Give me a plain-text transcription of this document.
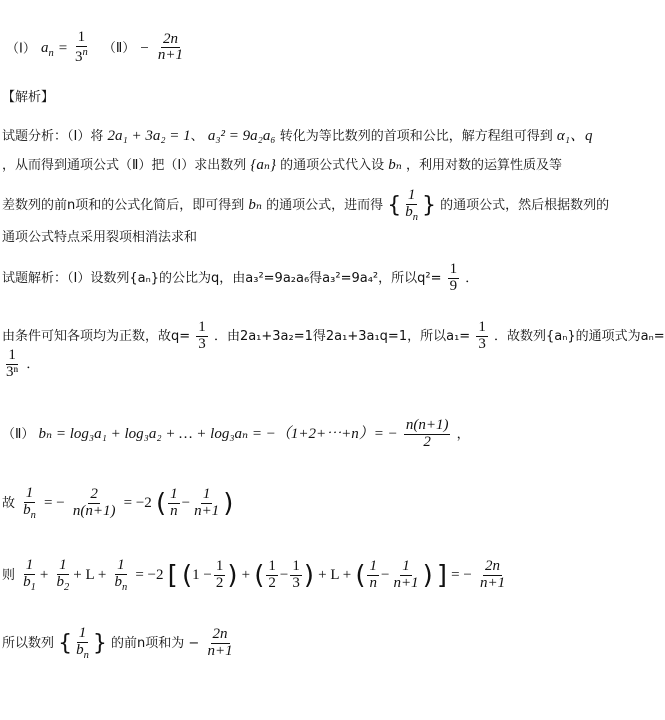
（Ⅰ） $a_n = \frac{1}{3^n}$ （Ⅱ） − $\frac{2n}{n+1}$
【解析】
试题分析：（Ⅰ）将 2a₁ + 3a₂ = 1、 a₃² = 9a₂a₆ 转化为等比数列的首项和公比，解方程组可得到 α₁、q
，从而得到通项公式（Ⅱ）把（Ⅰ）求出数列 {aₙ} 的通项公式代入设 bₙ ，利用对数的运算性质及等
差数列的前n项和的公式化简后，即可得到 bₙ 的通项公式，进而得 { $\frac{1}{b_n}$ } 的通项公式，然后根据数列的
通项公式特点采用裂项相消法求和
试题解析：（Ⅰ）设数列{aₙ}的公比为q，由a₃²=9a₂a₆得a₃²=9a₄²，所以$q^2= \frac{1}{9}$ ．
由条件可知各项均为正数，故$q= \frac{1}{3}$ ．由2a₁+3a₂=1得2a₁+3a₁q=1，所以$a_1= \frac{1}{3}$ ．故数列{aₙ}的通项式为aₙ=
$\frac{1}{\text{3ⁿ}}$ ．
（Ⅱ） bₙ = log₃a₁ + log₃a₂ + … + log₃aₙ = −（1+2+⋯+n）= − $\frac{n(n+1)}{2}$ ，
故 $\frac{1}{b_n}$ = − $\frac{2}{n(n+1)} = -2$ ( $\frac{1}{n} - \frac{1}{n+1}$ )
则 $\frac{1}{b_1} + \frac{1}{b_2} + L + \frac{1}{b_n} = -2$ [ ($1 - \frac{1}{2}$ ) + ( $\frac{1}{2} - \frac{1}{3}$ ) + L + ( $\frac{1}{n} - \frac{1}{n+1}$ ) ] = − $\frac{2n}{n+1}$
所以数列 { $\frac{1}{b_n}$ } 的前n项和为 − $\frac{2n}{n+1}$
